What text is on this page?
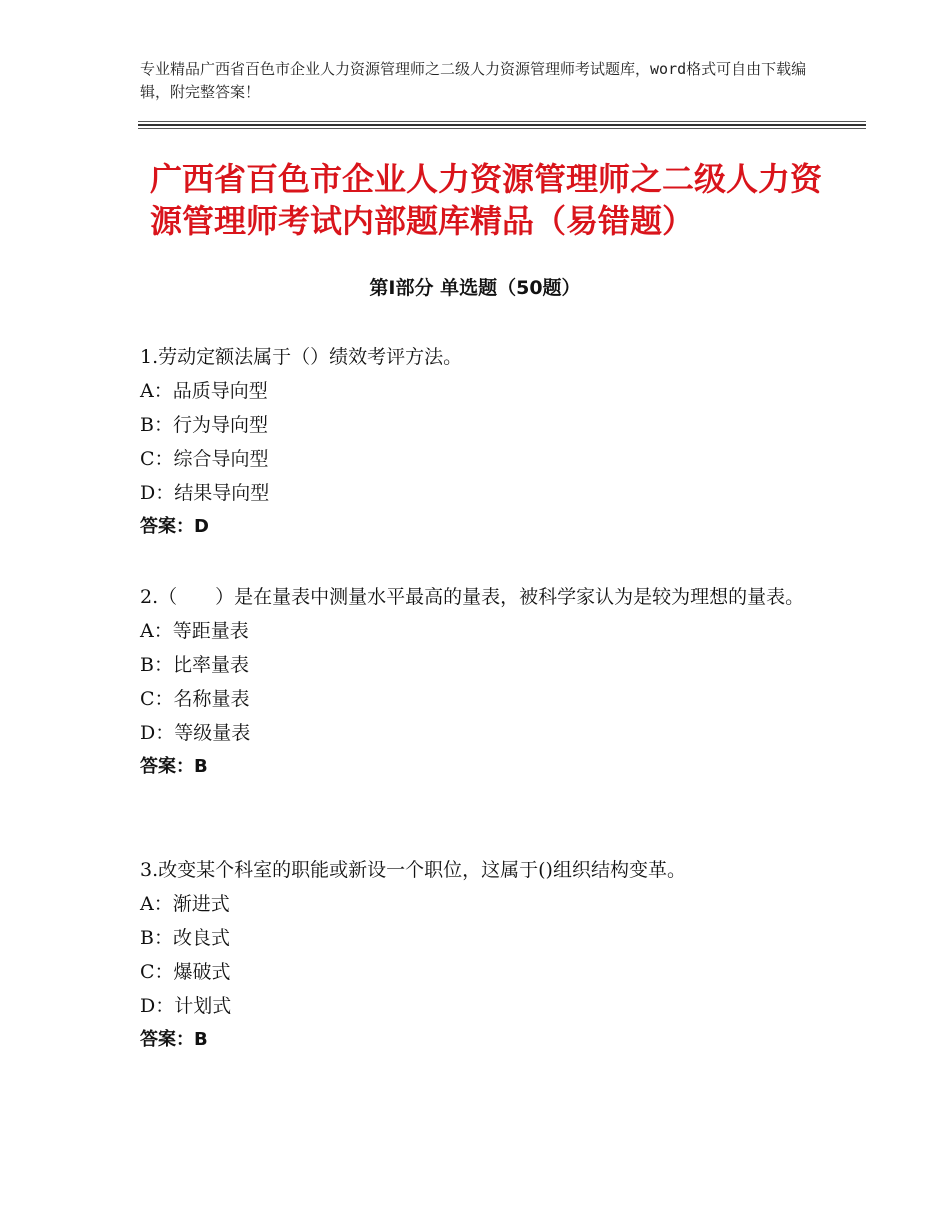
专业精品广西省百色市企业人力资源管理师之二级人力资源管理师考试题库，word格式可自由下载编辑，附完整答案！
广西省百色市企业人力资源管理师之二级人力资源管理师考试内部题库精品（易错题）
第Ⅰ部分 单选题（50题）

1.劳动定额法属于（）绩效考评方法。

A：品质导向型

B：行为导向型

C：综合导向型

D：结果导向型

答案：D

2.（　　）是在量表中测量水平最高的量表，被科学家认为是较为理想的量表。

A：等距量表

B：比率量表

C：名称量表

D：等级量表

答案：B

3.改变某个科室的职能或新设一个职位，这属于()组织结构变革。

A：渐进式

B：改良式

C：爆破式

D：计划式

答案：B
